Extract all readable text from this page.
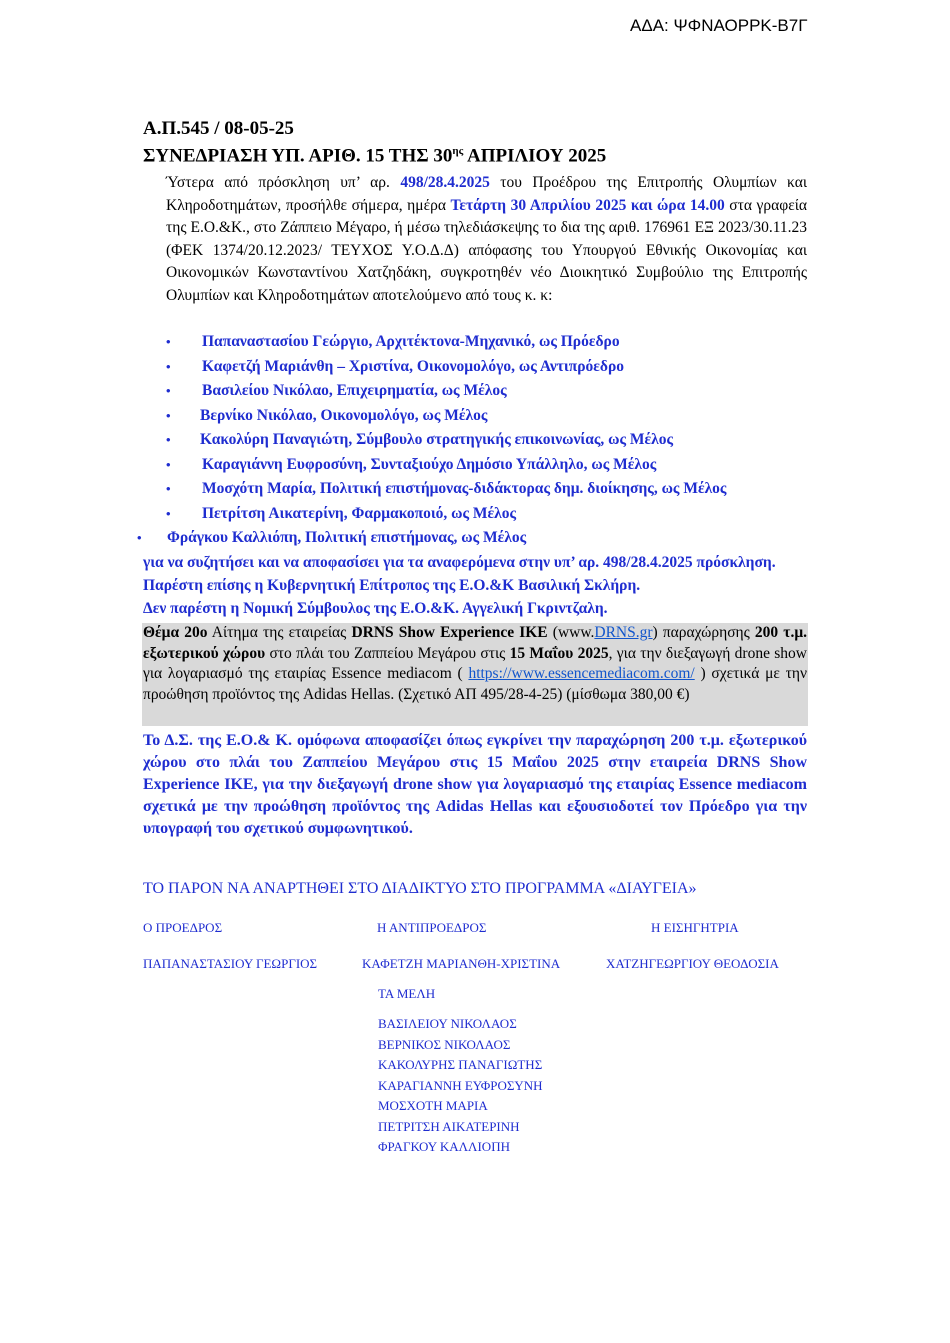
ΑΔΑ: ΨΦΝΑΟΡΡΚ-Β7Γ
Α.Π.545 / 08-05-25
ΣΥΝΕΔΡΙΑΣΗ ΥΠ. ΑΡΙΘ. 15 ΤΗΣ $30^{\eta\varsigma}$ ΑΠΡΙΛΙΟΥ 2025
Ύστερα από πρόσκληση υπ’ αρ. 498/28.4.2025 του Προέδρου της Επιτροπής Ολυμπίων και Κληροδοτημάτων, προσήλθε σήμερα, ημέρα Τετάρτη 30 Απριλίου 2025 και ώρα 14.00 στα γραφεία της Ε.Ο.&Κ., στο Ζάππειο Μέγαρο, ή μέσω τηλεδιάσκεψης το δια της αριθ. 176961 ΕΞ 2023/30.11.23 (ΦΕΚ 1374/20.12.2023/ ΤΕΥΧΟΣ Υ.Ο.Δ.Δ) απόφασης του Υπουργού Εθνικής Οικονομίας και Οικονομικών Κωνσταντίνου Χατζηδάκη, συγκροτηθέν νέο Διοικητικό Συμβούλιο της Επιτροπής Ολυμπίων και Κληροδοτημάτων αποτελούμενο από τους κ. κ:
• Παπαναστασίου Γεώργιο, Αρχιτέκτονα-Μηχανικό, ως Πρόεδρο
• Καφετζή Μαριάνθη – Χριστίνα, Οικονομολόγο, ως Αντιπρόεδρο
• Βασιλείου Νικόλαο, Επιχειρηματία, ως Μέλος
• Βερνίκο Νικόλαο, Οικονομολόγο, ως Μέλος
• Κακολύρη Παναγιώτη, Σύμβουλο στρατηγικής επικοινωνίας, ως Μέλος
• Καραγιάννη Ευφροσύνη, Συνταξιούχο Δημόσιο Υπάλληλο, ως Μέλος
• Μοσχότη Μαρία, Πολιτική επιστήμονας-διδάκτορας δημ. διοίκησης, ως Μέλος
• Πετρίτση Αικατερίνη, Φαρμακοποιό, ως Μέλος
• Φράγκου Καλλιόπη, Πολιτική επιστήμονας, ως Μέλος
για να συζητήσει και να αποφασίσει για τα αναφερόμενα στην υπ’ αρ. 498/28.4.2025 πρόσκληση.
Παρέστη επίσης η Κυβερνητική Επίτροπος της Ε.Ο.&Κ Βασιλική Σκλήρη.
Δεν παρέστη η Νομική Σύμβουλος της Ε.Ο.&Κ. Αγγελική Γκριντζαλη.
Θέμα 20ο Αίτημα της εταιρείας DRNS Show Experience ΙΚΕ (www.DRNS.gr) παραχώρησης 200 τ.μ. εξωτερικού χώρου στο πλάι του Ζαππείου Μεγάρου στις 15 Μαΐου 2025, για την διεξαγωγή drone show για λογαριασμό της εταιρίας Essence mediacom ( https://www.essencemediacom.com/ ) σχετικά με την προώθηση προϊόντος της Adidas Hellas. (Σχετικό ΑΠ 495/28-4-25) (μίσθωμα 380,00 €)
Το Δ.Σ. της Ε.Ο.& Κ. ομόφωνα αποφασίζει όπως εγκρίνει την παραχώρηση 200 τ.μ. εξωτερικού χώρου στο πλάι του Ζαππείου Μεγάρου στις 15 Μαΐου 2025 στην εταιρεία DRNS Show Experience IKE, για την διεξαγωγή drone show για λογαριασμό της εταιρίας Essence mediacom σχετικά με την προώθηση προϊόντος της Adidas Hellas και εξουσιοδοτεί τον Πρόεδρο για την υπογραφή του σχετικού συμφωνητικού.
ΤΟ ΠΑΡΟΝ ΝΑ ΑΝΑΡΤΗΘΕΙ ΣΤΟ ΔΙΑΔΙΚΤΥΟ ΣΤΟ ΠΡΟΓΡΑΜΜΑ «ΔΙΑΥΓΕΙΑ»
Ο ΠΡΟΕΔΡΟΣ	Η ΑΝΤΙΠΡΟΕΔΡΟΣ	Η ΕΙΣΗΓΗΤΡΙΑ
ΠΑΠΑΝΑΣΤΑΣΙΟΥ ΓΕΩΡΓΙΟΣ	ΚΑΦΕΤΖΗ ΜΑΡΙΑΝΘΗ-ΧΡΙΣΤΙΝΑ	ΧΑΤΖΗΓΕΩΡΓΙΟΥ ΘΕΟΔΟΣΙΑ
ΤΑ ΜΕΛΗ
ΒΑΣΙΛΕΙΟΥ ΝΙΚΟΛΑΟΣ
ΒΕΡΝΙΚΟΣ ΝΙΚΟΛΑΟΣ
ΚΑΚΟΛΥΡΗΣ ΠΑΝΑΓΙΩΤΗΣ
ΚΑΡΑΓΙΑΝΝΗ ΕΥΦΡΟΣΥΝΗ
ΜΟΣΧΟΤΗ ΜΑΡΙΑ
ΠΕΤΡΙΤΣΗ ΑΙΚΑΤΕΡΙΝΗ
ΦΡΑΓΚΟΥ ΚΑΛΛΙΟΠΗ
